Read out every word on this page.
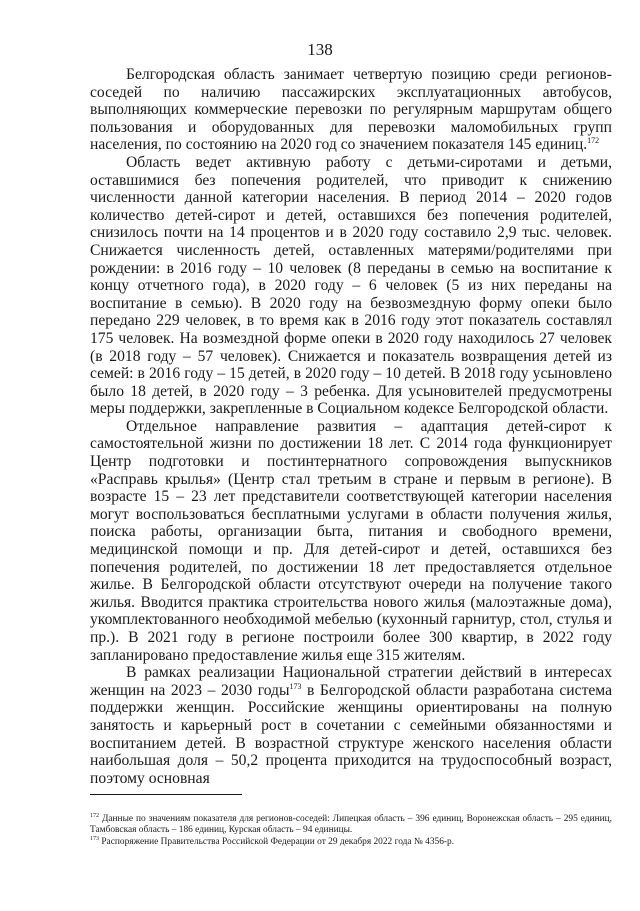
138

Белгородская область занимает четвертую позицию среди регионов-соседей по наличию пассажирских эксплуатационных автобусов, выполняющих коммерческие перевозки по регулярным маршрутам общего пользования и оборудованных для перевозки маломобильных групп населения, по состоянию на 2020 год со значением показателя 145 единиц.$^{172}$

Область ведет активную работу с детьми-сиротами и детьми, оставшимися без попечения родителей, что приводит к снижению численности данной категории населения. В период 2014 – 2020 годов количество детей-сирот и детей, оставшихся без попечения родителей, снизилось почти на 14 процентов и в 2020 году составило 2,9 тыс. человек. Снижается численность детей, оставленных матерями/родителями при рождении: в 2016 году – 10 человек (8 переданы в семью на воспитание к концу отчетного года), в 2020 году – 6 человек (5 из них переданы на воспитание в семью). В 2020 году на безвозмездную форму опеки было передано 229 человек, в то время как в 2016 году этот показатель составлял 175 человек. На возмездной форме опеки в 2020 году находилось 27 человек (в 2018 году – 57 человек). Снижается и показатель возвращения детей из семей: в 2016 году – 15 детей, в 2020 году – 10 детей. В 2018 году усыновлено было 18 детей, в 2020 году – 3 ребенка. Для усыновителей предусмотрены меры поддержки, закрепленные в Социальном кодексе Белгородской области.

Отдельное направление развития – адаптация детей-сирот к самостоятельной жизни по достижении 18 лет. С 2014 года функционирует Центр подготовки и постинтернатного сопровождения выпускников «Расправь крылья» (Центр стал третьим в стране и первым в регионе). В возрасте 15 – 23 лет представители соответствующей категории населения могут воспользоваться бесплатными услугами в области получения жилья, поиска работы, организации быта, питания и свободного времени, медицинской помощи и пр. Для детей-сирот и детей, оставшихся без попечения родителей, по достижении 18 лет предоставляется отдельное жилье. В Белгородской области отсутствуют очереди на получение такого жилья. Вводится практика строительства нового жилья (малоэтажные дома), укомплектованного необходимой мебелью (кухонный гарнитур, стол, стулья и пр.). В 2021 году в регионе построили более 300 квартир, в 2022 году запланировано предоставление жилья еще 315 жителям.

В рамках реализации Национальной стратегии действий в интересах женщин на 2023 – 2030 годы$^{173}$ в Белгородской области разработана система поддержки женщин. Российские женщины ориентированы на полную занятость и карьерный рост в сочетании с семейными обязанностями и воспитанием детей. В возрастной структуре женского населения области наибольшая доля – 50,2 процента приходится на трудоспособный возраст, поэтому основная

$^{172}$ Данные по значениям показателя для регионов-соседей: Липецкая область – 396 единиц, Воронежская область – 295 единиц, Тамбовская область – 186 единиц, Курская область – 94 единицы.

$^{173}$ Распоряжение Правительства Российской Федерации от 29 декабря 2022 года № 4356-р.
